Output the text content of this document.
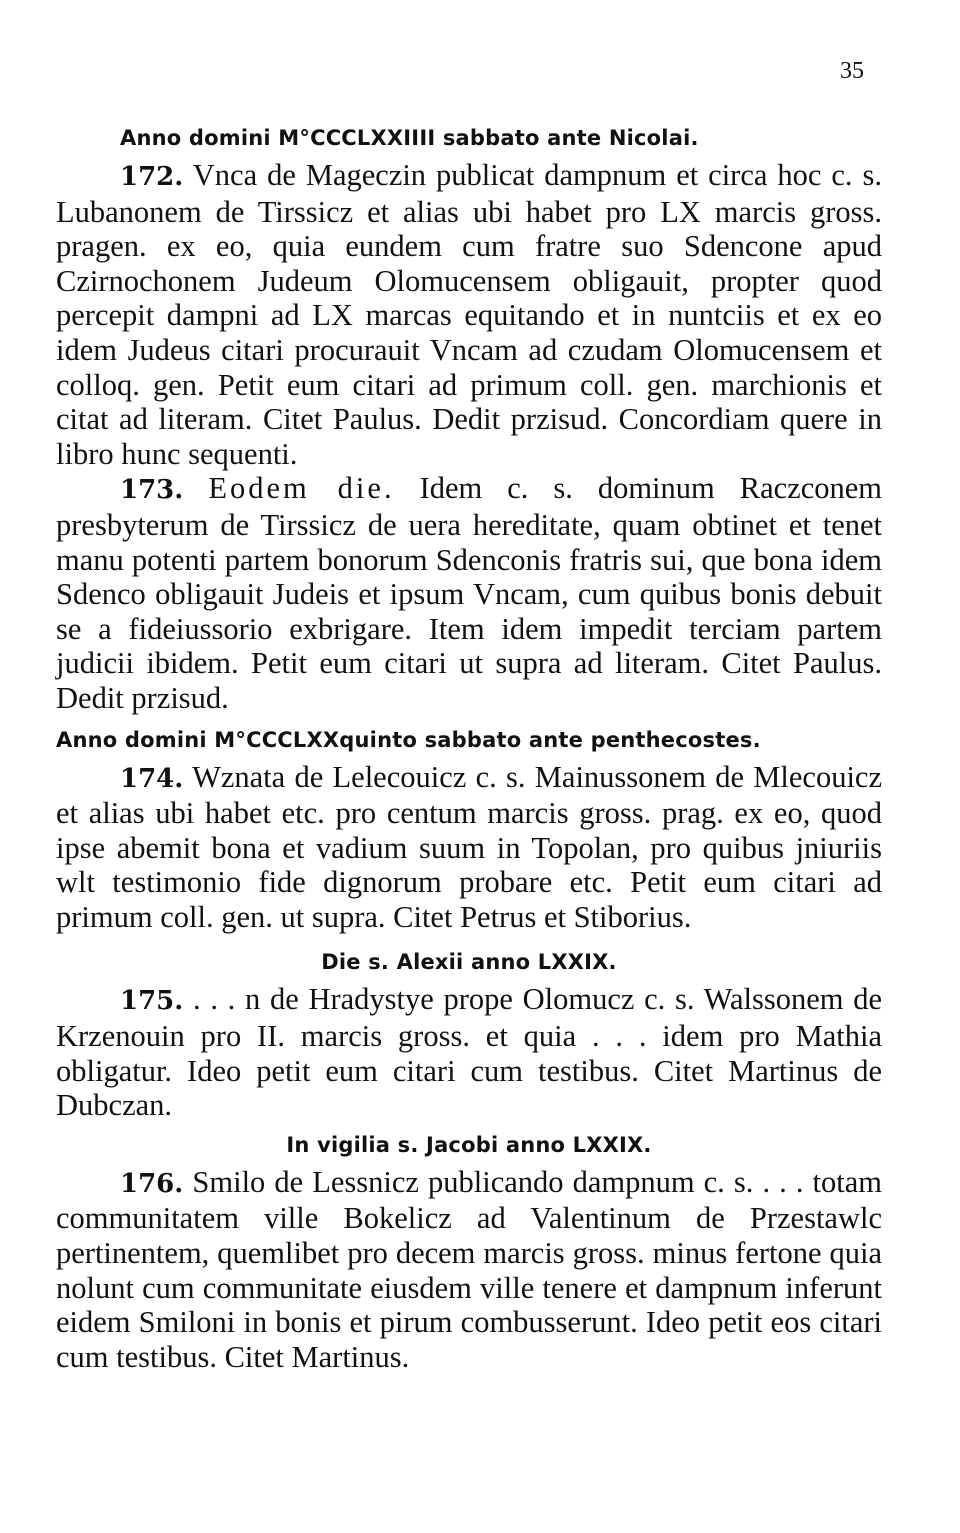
35
Anno domini M°CCCLXXIIII sabbato ante Nicolai.

172. Vnca de Mageczin publicat dampnum et circa hoc c. s. Lubanonem de Tirssicz et alias ubi habet pro LX marcis gross. pragen. ex eo, quia eundem cum fratre suo Sdencone apud Czirnochonem Judeum Olomucensem obligauit, propter quod percepit dampni ad LX marcas equitando et in nuntciis et ex eo idem Judeus citari procurauit Vncam ad czudam Olomucensem et colloq. gen. Petit eum citari ad primum coll. gen. marchionis et citat ad literam. Citet Paulus. Dedit przisud. Concordiam quere in libro hunc sequenti.

173. Eodem die. Idem c. s. dominum Raczconem presbyterum de Tirssicz de uera hereditate, quam obtinet et tenet manu potenti partem bonorum Sdenconis fratris sui, que bona idem Sdenco obligauit Judeis et ipsum Vncam, cum quibus bonis debuit se a fideiussorio exbrigare. Item idem impedit terciam partem judicii ibidem. Petit eum citari ut supra ad literam. Citet Paulus. Dedit przisud.

Anno domini M°CCCLXXquinto sabbato ante penthecostes.

174. Wznata de Lelecouicz c. s. Mainussonem de Mlecouicz et alias ubi habet etc. pro centum marcis gross. prag. ex eo, quod ipse abemit bona et vadium suum in Topolan, pro quibus jniuriis wlt testimonio fide dignorum probare etc. Petit eum citari ad primum coll. gen. ut supra. Citet Petrus et Stiborius.

Die s. Alexii anno LXXIX.

175. . . . n de Hradystye prope Olomucz c. s. Walssonem de Krzenouin pro II. marcis gross. et quia . . . idem pro Mathia obligatur. Ideo petit eum citari cum testibus. Citet Martinus de Dubczan.

In vigilia s. Jacobi anno LXXIX.

176. Smilo de Lessnicz publicando dampnum c. s. . . . totam communitatem ville Bokelicz ad Valentinum de Przestawlc pertinentem, quemlibet pro decem marcis gross. minus fertone quia nolunt cum communitate eiusdem ville tenere et dampnum inferunt eidem Smiloni in bonis et pirum combusserunt. Ideo petit eos citari cum testibus. Citet Martinus.
